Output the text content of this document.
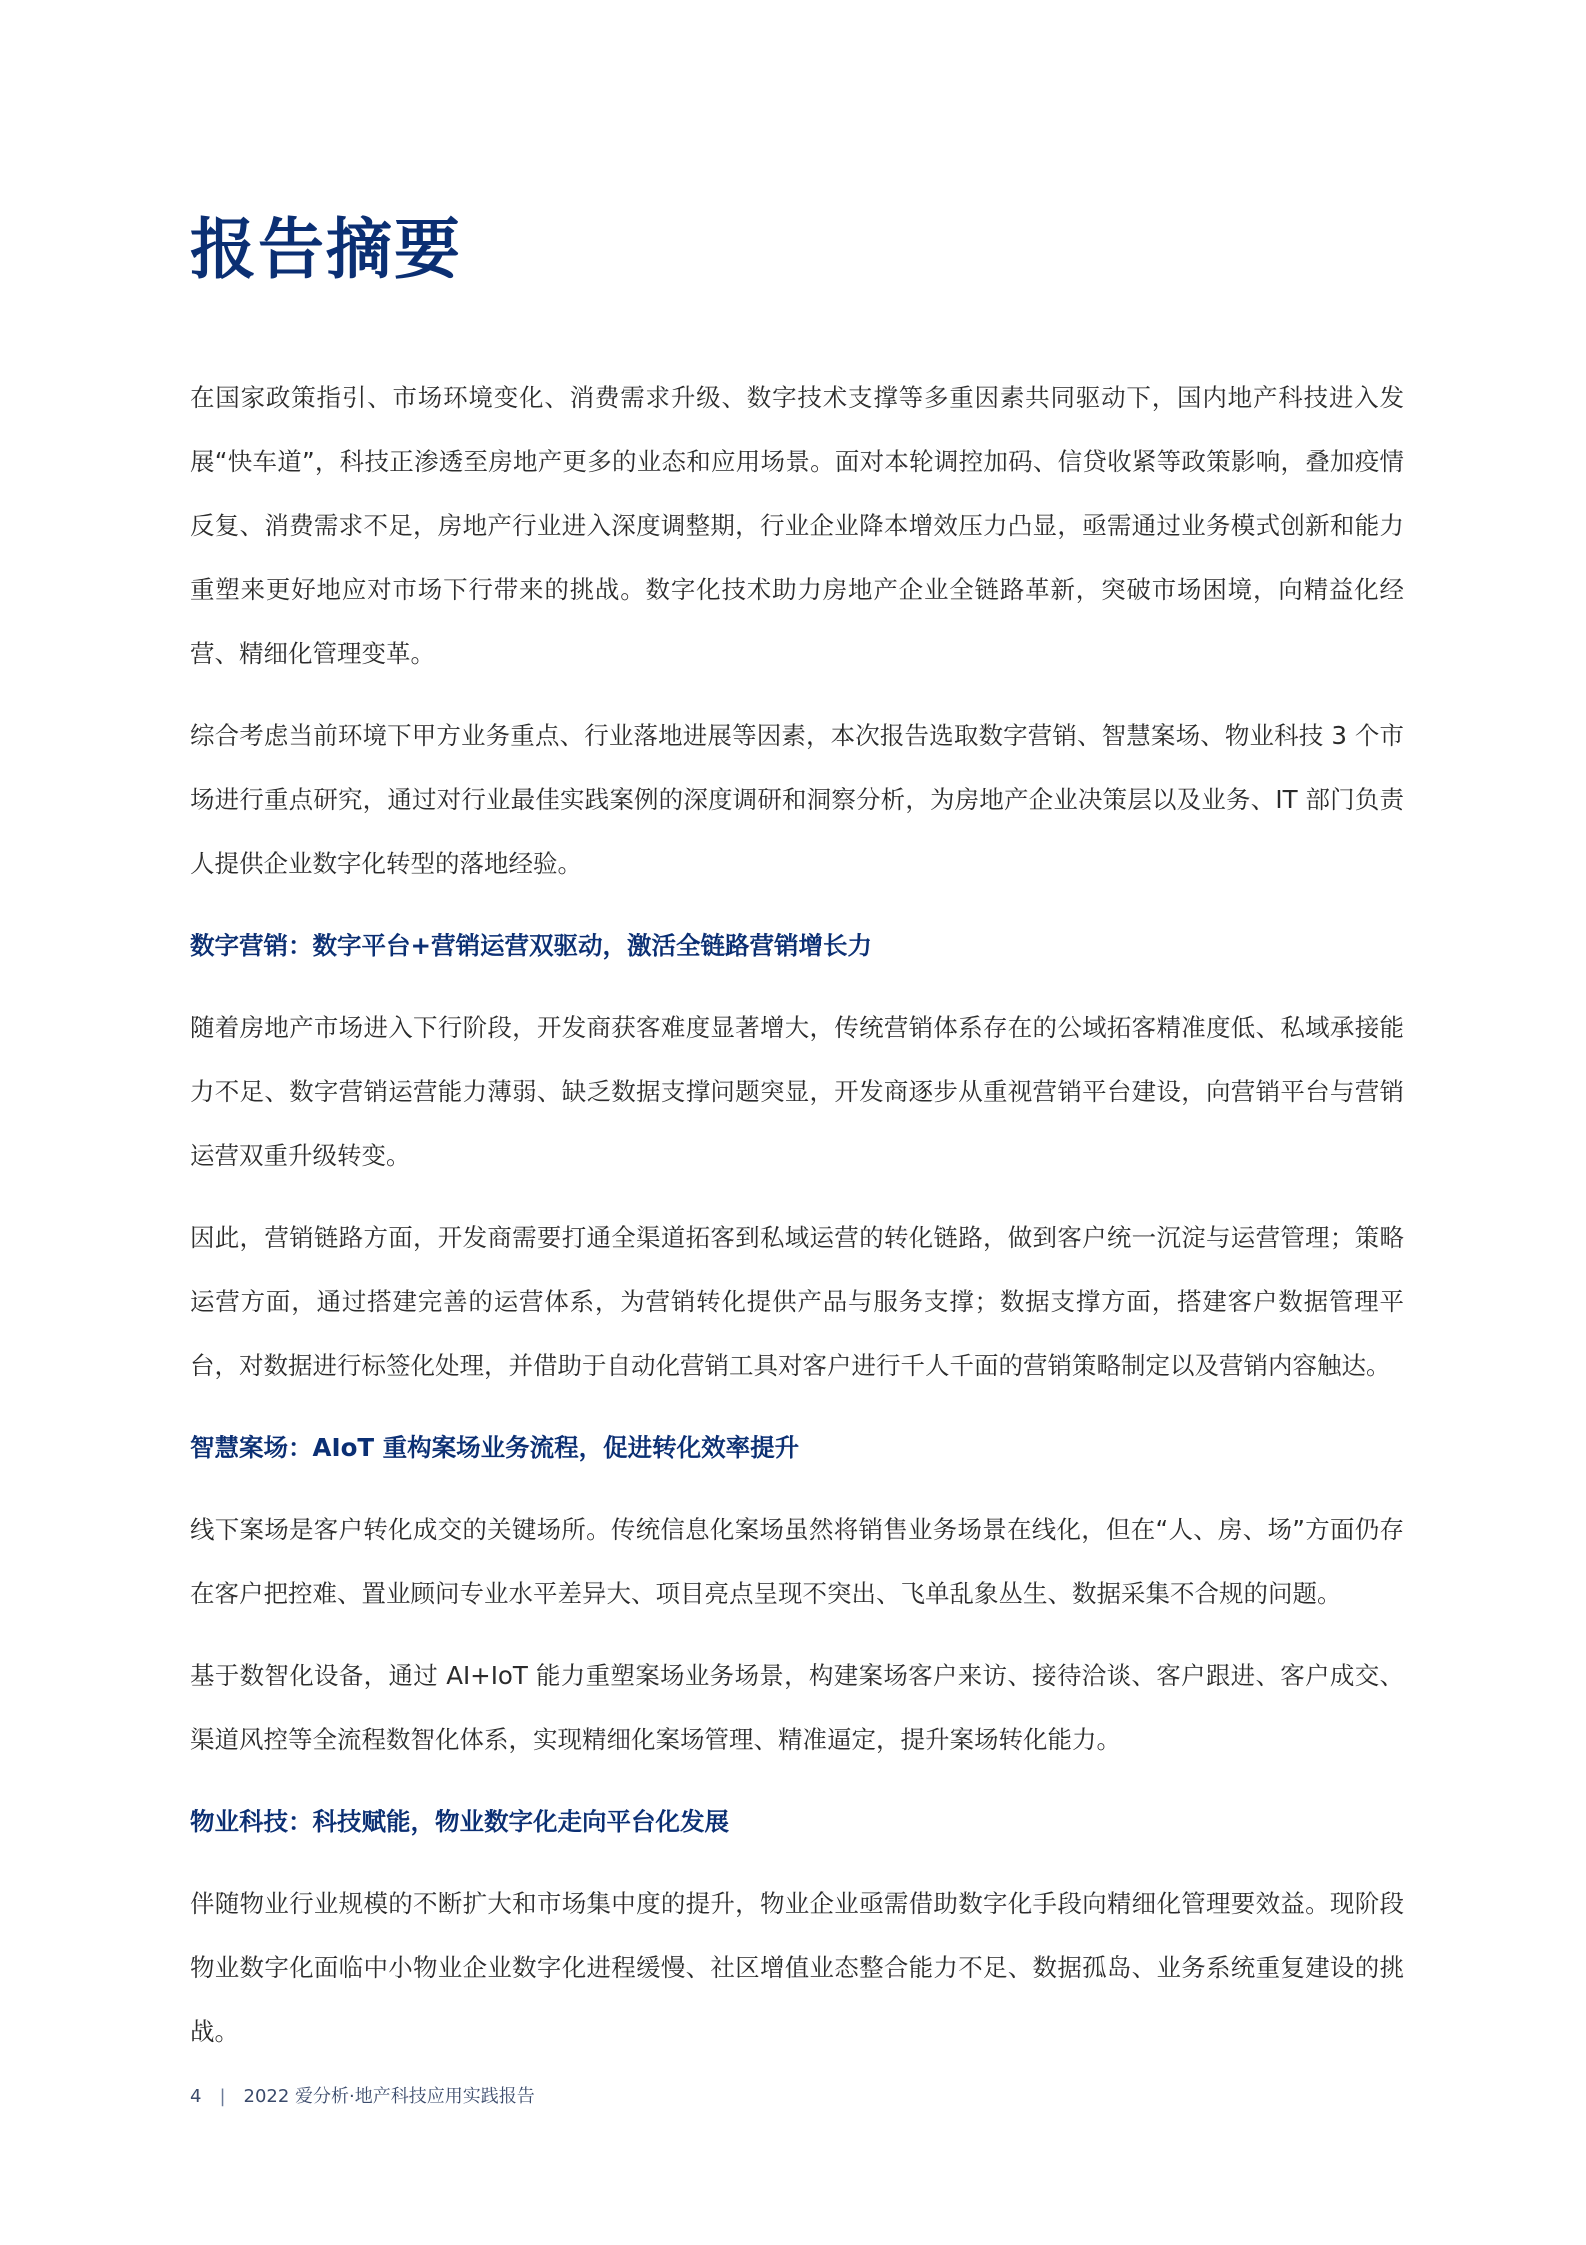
报告摘要

在国家政策指引、市场环境变化、消费需求升级、数字技术支撑等多重因素共同驱动下，国内地产科技进入发展“快车道”，科技正渗透至房地产更多的业态和应用场景。面对本轮调控加码、信贷收紧等政策影响，叠加疫情反复、消费需求不足，房地产行业进入深度调整期，行业企业降本增效压力凸显，亟需通过业务模式创新和能力重塑来更好地应对市场下行带来的挑战。数字化技术助力房地产企业全链路革新，突破市场困境，向精益化经营、精细化管理变革。

综合考虑当前环境下甲方业务重点、行业落地进展等因素，本次报告选取数字营销、智慧案场、物业科技 3 个市场进行重点研究，通过对行业最佳实践案例的深度调研和洞察分析，为房地产企业决策层以及业务、IT 部门负责人提供企业数字化转型的落地经验。

数字营销：数字平台+营销运营双驱动，激活全链路营销增长力

随着房地产市场进入下行阶段，开发商获客难度显著增大，传统营销体系存在的公域拓客精准度低、私域承接能力不足、数字营销运营能力薄弱、缺乏数据支撑问题突显，开发商逐步从重视营销平台建设，向营销平台与营销运营双重升级转变。

因此，营销链路方面，开发商需要打通全渠道拓客到私域运营的转化链路，做到客户统一沉淀与运营管理；策略运营方面，通过搭建完善的运营体系，为营销转化提供产品与服务支撑；数据支撑方面，搭建客户数据管理平台，对数据进行标签化处理，并借助于自动化营销工具对客户进行千人千面的营销策略制定以及营销内容触达。

智慧案场：AIoT 重构案场业务流程，促进转化效率提升

线下案场是客户转化成交的关键场所。传统信息化案场虽然将销售业务场景在线化，但在“人、房、场”方面仍存在客户把控难、置业顾问专业水平差异大、项目亮点呈现不突出、飞单乱象丛生、数据采集不合规的问题。

基于数智化设备，通过 AI+IoT 能力重塑案场业务场景，构建案场客户来访、接待洽谈、客户跟进、客户成交、渠道风控等全流程数智化体系，实现精细化案场管理、精准逼定，提升案场转化能力。

物业科技：科技赋能，物业数字化走向平台化发展

伴随物业行业规模的不断扩大和市场集中度的提升，物业企业亟需借助数字化手段向精细化管理要效益。现阶段物业数字化面临中小物业企业数字化进程缓慢、社区增值业态整合能力不足、数据孤岛、业务系统重复建设的挑战。

4 | 2022 爱分析·地产科技应用实践报告
